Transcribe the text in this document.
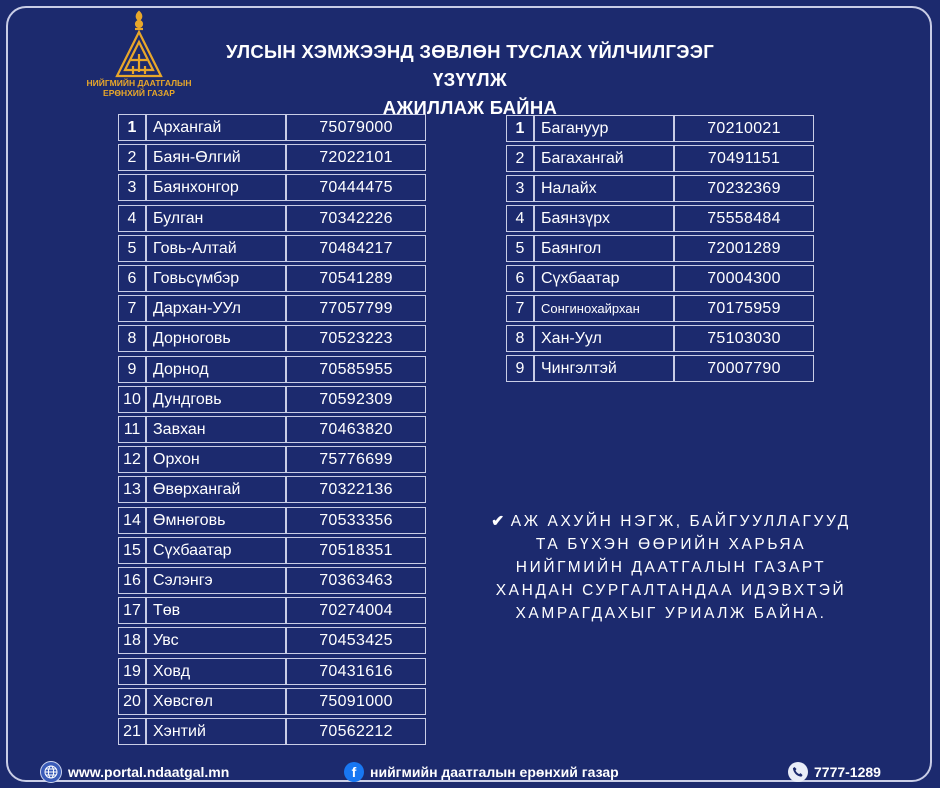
НИЙГМИЙН ДААТГАЛЫН
ЕРӨНХИЙ ГАЗАР
УЛСЫН ХЭМЖЭЭНД ЗӨВЛӨН ТУСЛАХ ҮЙЛЧИЛГЭЭГ ҮЗҮҮЛЖ
АЖИЛЛАЖ БАЙНА
1	Архангай	75079000
2	Баян-Өлгий	72022101
3	Баянхонгор	70444475
4	Булган	70342226
5	Говь-Алтай	70484217
6	Говьсүмбэр	70541289
7	Дархан-УУл	77057799
8	Дорноговь	70523223
9	Дорнод	70585955
10 Дундговь	70592309
11 Завхан	70463820
12 Орхон	75776699
13 Өвөрхангай	70322136
14 Өмнөговь	70533356
15 Сүхбаатар	70518351
16 Сэлэнгэ	70363463
17 Төв	70274004
18 Увс	70453425
19 Ховд	70431616
20 Хөвсгөл	75091000
21 Хэнтий	70562212
1	Багануур	70210021
2	Багахангай	70491151
3	Налайх	70232369
4	Баянзүрх	75558484
5	Баянгол	72001289
6	Сүхбаатар	70004300
7	Сонгинохайрхан	70175959
8	Хан-Уул	75103030
9	Чингэлтэй	70007790
✔ АЖ АХУЙН НЭГЖ, БАЙГУУЛЛАГУУД
ТА БҮХЭН ӨӨРИЙН ХАРЬЯА
НИЙГМИЙН ДААТГАЛЫН ГАЗАРТ
ХАНДАН СУРГАЛТАНДАА ИДЭВХТЭЙ
ХАМРАГДАХЫГ УРИАЛЖ БАЙНА.
www.portal.ndaatgal.mn	f нийгмийн даатгалын ерөнхий газар	7777-1289
